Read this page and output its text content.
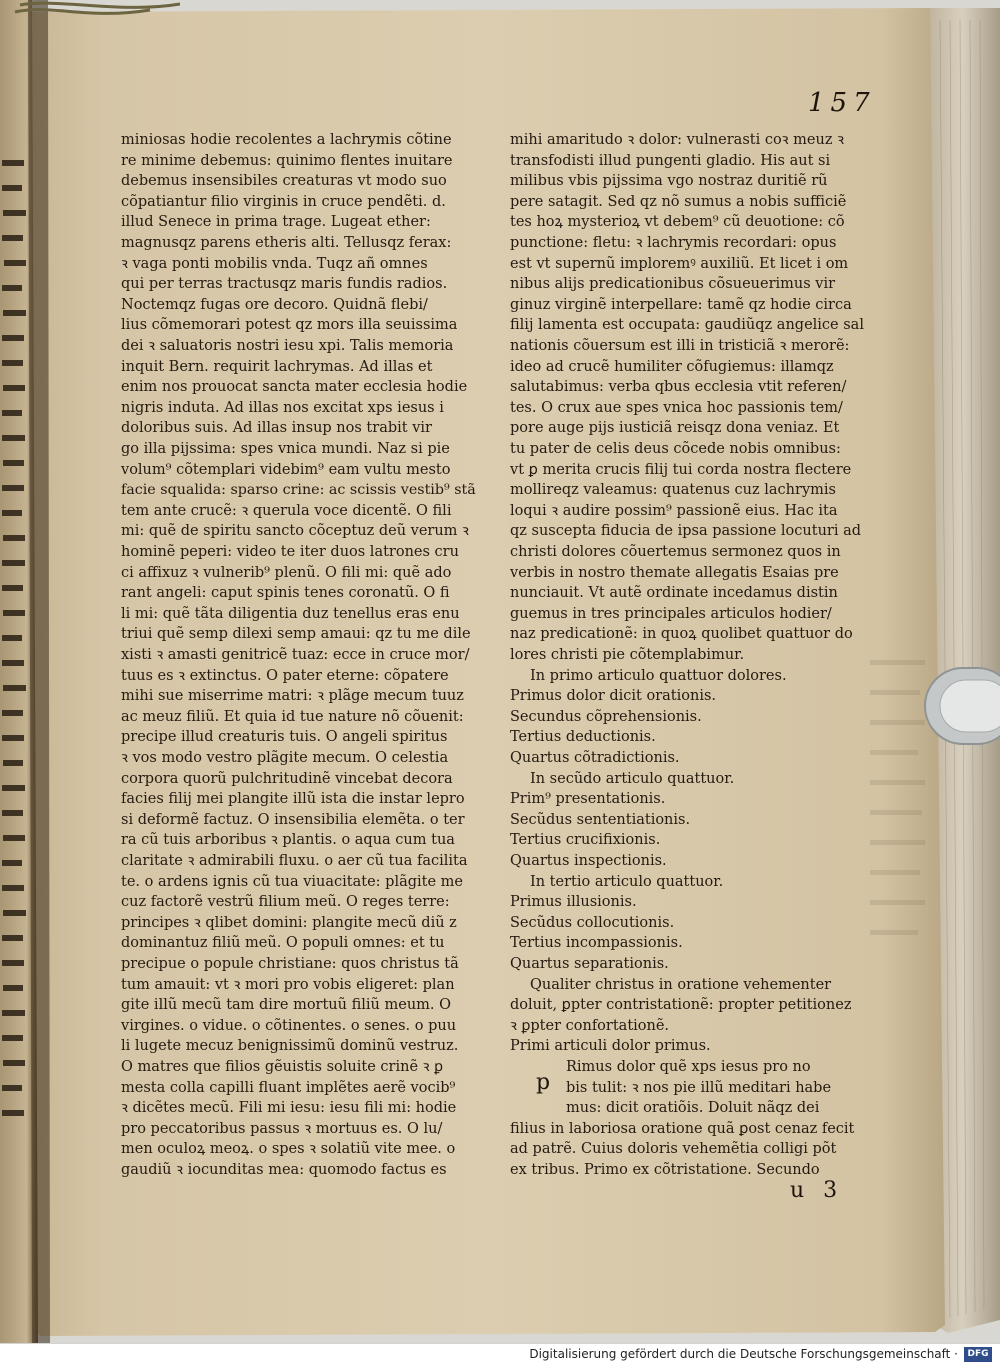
157
miniosas hodie recolentes a lachrymis cõtine
re minime debemus: quinimo flentes inuitare
debemus insensibiles creaturas vt modo suo
cõpatiantur filio virginis in cruce pendẽti. d.
illud Senece in prima trage. Lugeat ether:
magnusqz parens etheris alti. Tellusqz ferax:
ꝛ vaga ponti mobilis vnda. Tuqz añ omnes
qui per terras tractusqz maris fundis radios.
Noctemqz fugas ore decoro. Quidnã flebi/
lius cõmemorari potest qz mors illa seuissima
dei ꝛ saluatoris nostri iesu xpi. Talis memoria
inquit Bern. requirit lachrymas. Ad illas et
enim nos prouocat sancta mater ecclesia hodie
nigris induta. Ad illas nos excitat xps iesus i
doloribus suis. Ad illas insup nos trabit vir
go illa pijssima: spes vnica mundi. Naz si pie
volum⁹ cõtemplari videbim⁹ eam vultu mesto
facie squalida: sparso crine: ac scissis vestib⁹ stã
tem ante crucẽ: ꝛ querula voce dicentẽ. O fili
mi: quẽ de spiritu sancto cõceptuz deũ verum ꝛ
hominẽ peperi: video te iter duos latrones cru
ci affixuz ꝛ vulnerib⁹ plenũ. O fili mi: quẽ ado
rant angeli: caput spinis tenes coronatũ. O fi
li mi: quẽ tãta diligentia duz tenellus eras enu
triui quẽ semp dilexi semp amaui: qz tu me dile
xisti ꝛ amasti genitricẽ tuaz: ecce in cruce mor/
tuus es ꝛ extinctus. O pater eterne: cõpatere
mihi sue miserrime matri: ꝛ plãge mecum tuuz
ac meuz filiũ. Et quia id tue nature nõ cõuenit:
precipe illud creaturis tuis. O angeli spiritus
ꝛ vos modo vestro plãgite mecum. O celestia
corpora quorũ pulchritudinẽ vincebat decora
facies filij mei plangite illũ ista die instar lepro
si deformẽ factuz. O insensibilia elemẽta. o ter
ra cũ tuis arboribus ꝛ plantis. o aqua cum tua
claritate ꝛ admirabili fluxu. o aer cũ tua facilita
te. o ardens ignis cũ tua viuacitate: plãgite me
cuz factorẽ vestrũ filium meũ. O reges terre:
principes ꝛ qlibet domini: plangite mecũ diũ z
dominantuz filiũ meũ. O populi omnes: et tu
precipue o popule christiane: quos christus tã
tum amauit: vt ꝛ mori pro vobis eligeret: plan
gite illũ mecũ tam dire mortuũ filiũ meum. O
virgines. o vidue. o cõtinentes. o senes. o puu
li lugete mecuz benignissimũ dominũ vestruz.
O matres que filios gẽuistis soluite crinẽ ꝛ ꝑ
mesta colla capilli fluant implẽtes aerẽ vocib⁹
ꝛ dicẽtes mecũ. Fili mi iesu: iesu fili mi: hodie
pro peccatoribus passus ꝛ mortuus es. O lu/
men oculoꝝ meoꝝ. o spes ꝛ solatiũ vite mee. o
gaudiũ ꝛ iocunditas mea: quomodo factus es
mihi amaritudo ꝛ dolor: vulnerasti coꝛ meuz ꝛ
transfodisti illud pungenti gladio. His aut si
milibus vbis pijssima vgo nostraz duritiẽ rũ
pere satagit. Sed qz nõ sumus a nobis sufficiẽ
tes hoꝝ mysterioꝝ vt debem⁹ cũ deuotione: cõ
punctione: fletu: ꝛ lachrymis recordari: opus
est vt supernũ imploremꝰ auxiliũ. Et licet i om
nibus alijs predicationibus cõsueuerimus vir
ginuz virginẽ interpellare: tamẽ qz hodie circa
filij lamenta est occupata: gaudiũqz angelice sal
nationis cõuersum est illi in tristiciã ꝛ merorẽ:
ideo ad crucẽ humiliter cõfugiemus: illamqz
salutabimus: verba qbus ecclesia vtit referen/
tes. O crux aue spes vnica hoc passionis tem/
pore auge pijs iusticiã reisqz dona veniaz. Et
tu pater de celis deus cõcede nobis omnibus:
vt ꝑ merita crucis filij tui corda nostra flectere
mollireqz valeamus: quatenus cuz lachrymis
loqui ꝛ audire possim⁹ passionẽ eius. Hac ita
qz suscepta fiducia de ipsa passione locuturi ad
christi dolores cõuertemus sermonez quos in
verbis in nostro themate allegatis Esaias pre
nunciauit. Vt autẽ ordinate incedamus distin
guemus in tres principales articulos hodier/
naz predicationẽ: in quoꝝ quolibet quattuor do
lores christi pie cõtemplabimur.
In primo articulo quattuor dolores.
Primus dolor dicit orationis.
Secundus cõprehensionis.
Tertius deductionis.
Quartus cõtradictionis.
In secũdo articulo quattuor.
Prim⁹ presentationis.
Secũdus sententiationis.
Tertius crucifixionis.
Quartus inspectionis.
In tertio articulo quattuor.
Primus illusionis.
Secũdus collocutionis.
Tertius incompassionis.
Quartus separationis.
Qualiter christus in oratione vehementer
doluit, ꝑpter contristationẽ: propter petitionez
ꝛ ꝑpter confortationẽ.
Primi articuli dolor primus.
Rimus dolor quẽ xps iesus pro no
bis tulit: ꝛ nos pie illũ meditari habe
mus: dicit oratiõis. Doluit nãqz dei
filius in laboriosa oratione quã ꝑost cenaz fecit
ad patrẽ. Cuius doloris vehemẽtia colligi põt
ex tribus. Primo ex cõtristatione. Secundo
p
u 3
Digitalisierung gefördert durch die Deutsche Forschungsgemeinschaft ·	DFG
